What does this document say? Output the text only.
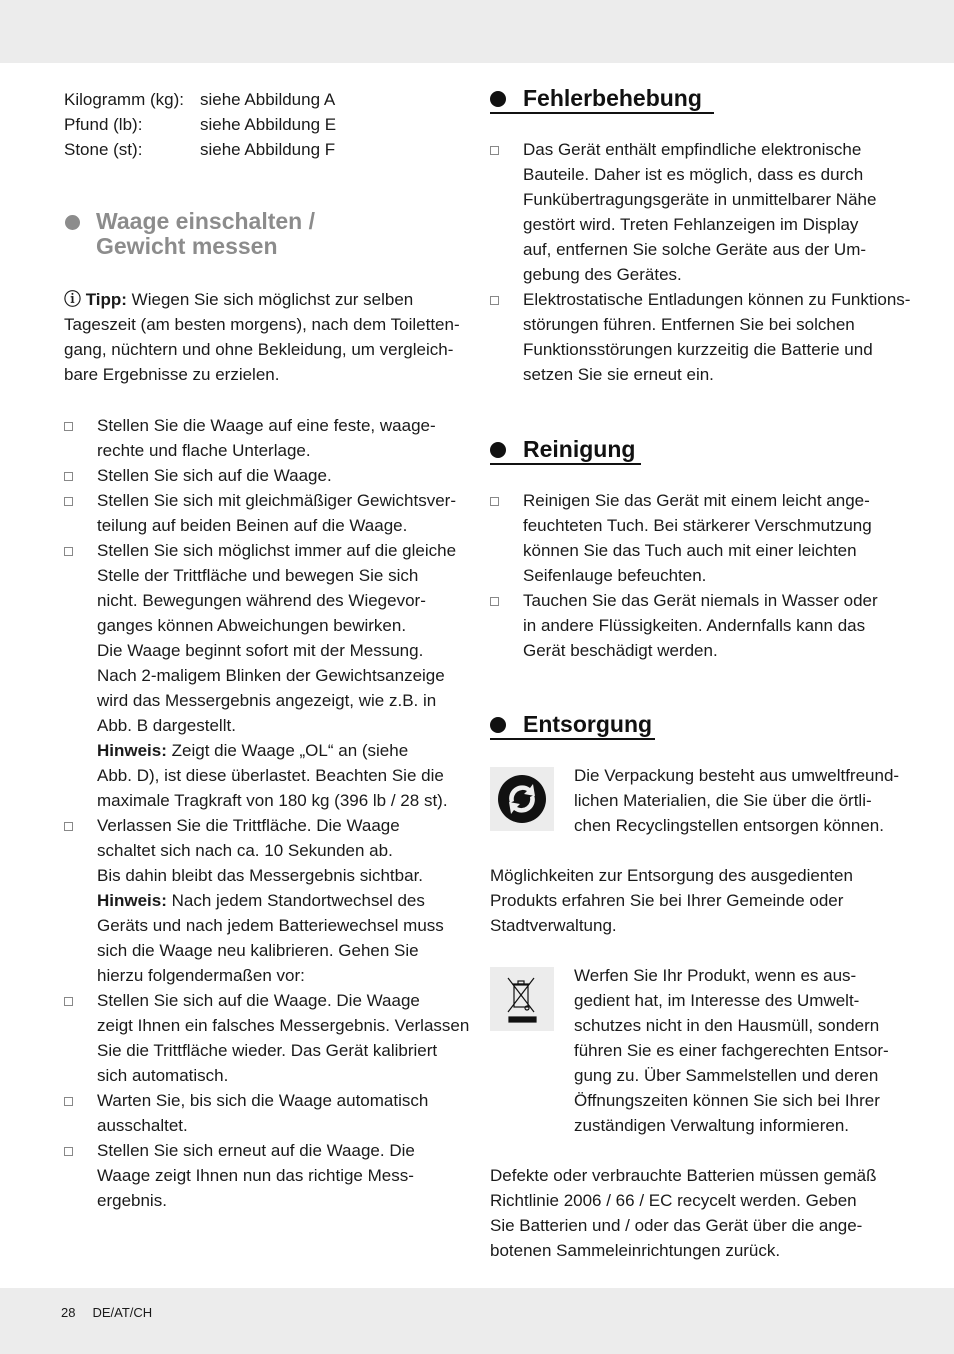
Kilogramm (kg): siehe Abbildung A
Pfund (lb):	siehe Abbildung E
Stone (st):	siehe Abbildung F
Waage einschalten /
Gewicht messen
ⓘ Tipp: Wiegen Sie sich möglichst zur selben
Tageszeit (am besten morgens), nach dem Toiletten-
gang, nüchtern und ohne Bekleidung, um vergleich-
bare Ergebnisse zu erzielen.
Stellen Sie die Waage auf eine feste, waage-
rechte und flache Unterlage.
Stellen Sie sich auf die Waage.
Stellen Sie sich mit gleichmäßiger Gewichtsver-
teilung auf beiden Beinen auf die Waage.
Stellen Sie sich möglichst immer auf die gleiche
Stelle der Trittfläche und bewegen Sie sich
nicht. Bewegungen während des Wiegevor-
ganges können Abweichungen bewirken.
Die Waage beginnt sofort mit der Messung.
Nach 2-maligem Blinken der Gewichtsanzeige
wird das Messergebnis angezeigt, wie z.B. in
Abb. B dargestellt.
Hinweis: Zeigt die Waage „OL“ an (siehe
Abb. D), ist diese überlastet. Beachten Sie die
maximale Tragkraft von 180 kg (396 lb / 28 st).
Verlassen Sie die Trittfläche. Die Waage
schaltet sich nach ca. 10 Sekunden ab.
Bis dahin bleibt das Messergebnis sichtbar.
Hinweis: Nach jedem Standortwechsel des
Geräts und nach jedem Batteriewechsel muss
sich die Waage neu kalibrieren. Gehen Sie
hierzu folgendermaßen vor:
Stellen Sie sich auf die Waage. Die Waage
zeigt Ihnen ein falsches Messergebnis. Verlassen
Sie die Trittfläche wieder. Das Gerät kalibriert
sich automatisch.
Warten Sie, bis sich die Waage automatisch
ausschaltet.
Stellen Sie sich erneut auf die Waage. Die
Waage zeigt Ihnen nun das richtige Mess-
ergebnis.
Fehlerbehebung
Das Gerät enthält empfindliche elektronische
Bauteile. Daher ist es möglich, dass es durch
Funkübertragungsgeräte in unmittelbarer Nähe
gestört wird. Treten Fehlanzeigen im Display
auf, entfernen Sie solche Geräte aus der Um-
gebung des Gerätes.
Elektrostatische Entladungen können zu Funktions-
störungen führen. Entfernen Sie bei solchen
Funktionsstörungen kurzzeitig die Batterie und
setzen Sie sie erneut ein.
Reinigung
Reinigen Sie das Gerät mit einem leicht ange-
feuchteten Tuch. Bei stärkerer Verschmutzung
können Sie das Tuch auch mit einer leichten
Seifenlauge befeuchten.
Tauchen Sie das Gerät niemals in Wasser oder
in andere Flüssigkeiten. Andernfalls kann das
Gerät beschädigt werden.
Entsorgung
Die Verpackung besteht aus umweltfreund-
lichen Materialien, die Sie über die örtli-
chen Recyclingstellen entsorgen können.
Möglichkeiten zur Entsorgung des ausgedienten
Produkts erfahren Sie bei Ihrer Gemeinde oder
Stadtverwaltung.
Werfen Sie Ihr Produkt, wenn es aus-
gedient hat, im Interesse des Umwelt-
schutzes nicht in den Hausmüll, sondern
führen Sie es einer fachgerechten Entsor-
gung zu. Über Sammelstellen und deren
Öffnungszeiten können Sie sich bei Ihrer
zuständigen Verwaltung informieren.
Defekte oder verbrauchte Batterien müssen gemäß
Richtlinie 2006 / 66 / EC recycelt werden. Geben
Sie Batterien und / oder das Gerät über die ange-
botenen Sammeleinrichtungen zurück.
28 DE/AT/CH
